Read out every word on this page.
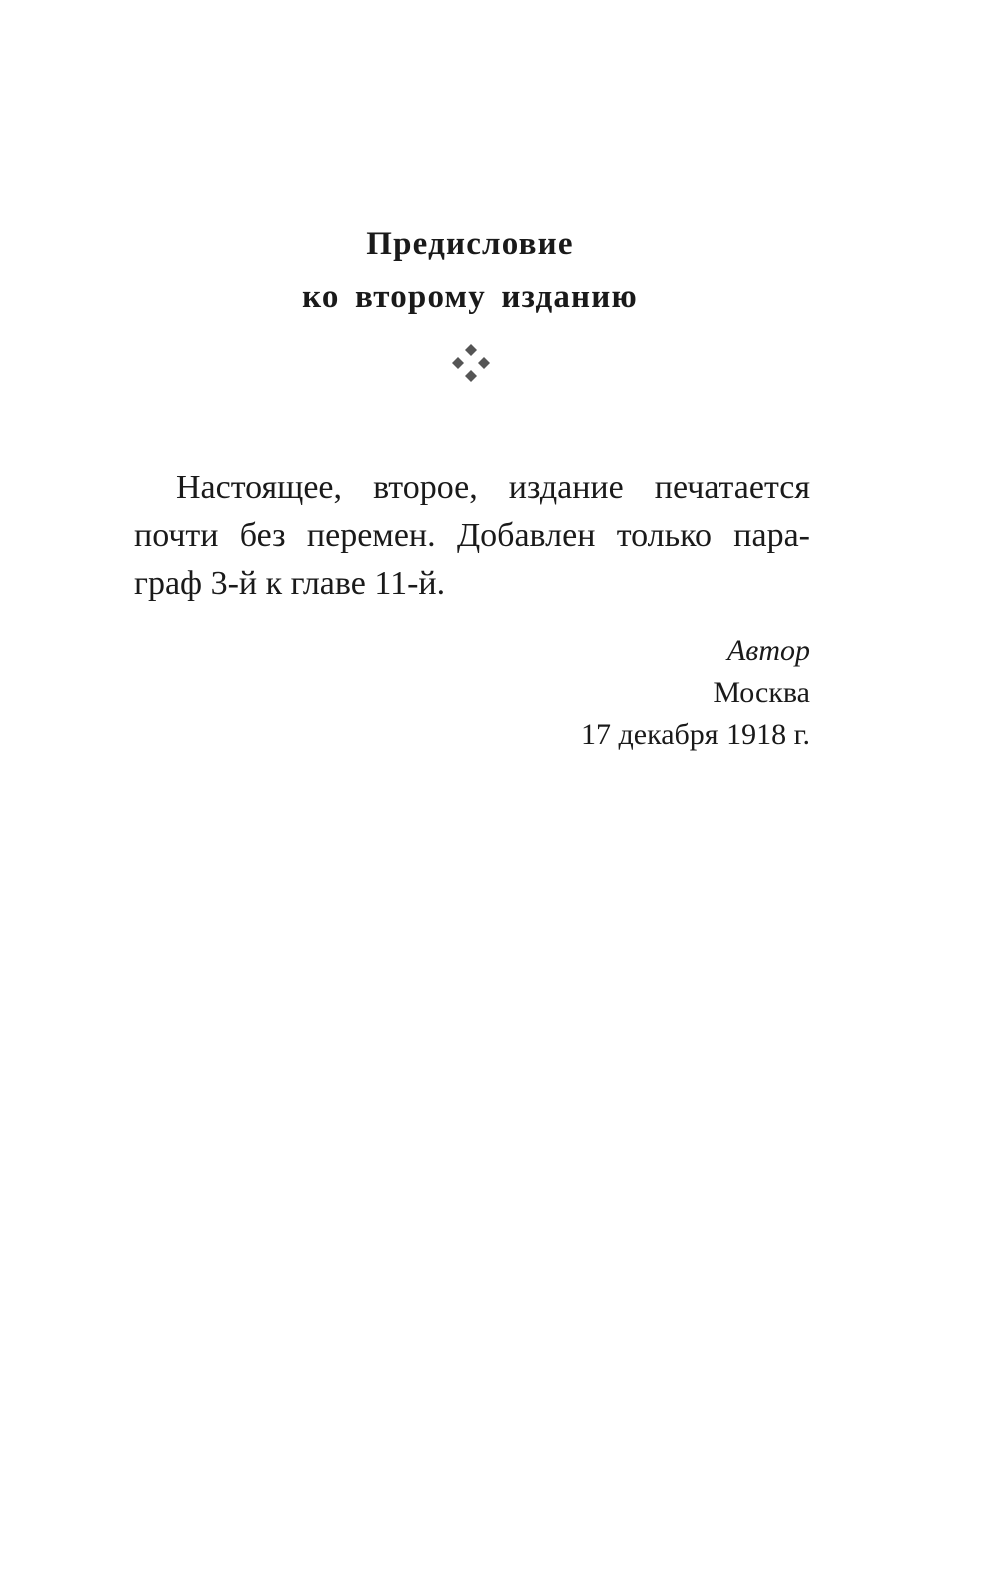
Предисловие
ко второму изданию
Настоящее, второе, издание печатается
почти без перемен. Добавлен только пара-
граф 3-й к главе 11-й.
Автор
Москва
17 декабря 1918 г.
